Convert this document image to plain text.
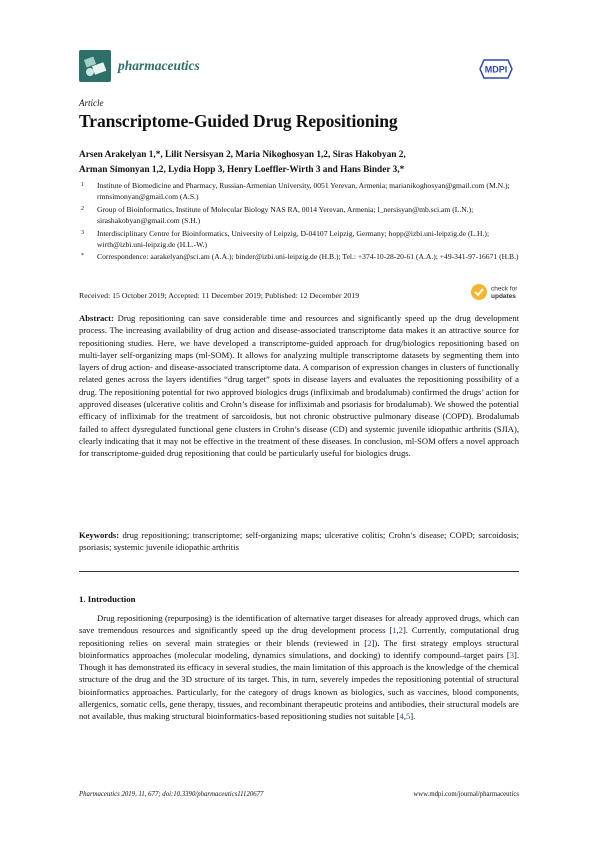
pharmaceutics	MDPI
Article
Transcriptome-Guided Drug Repositioning
Arsen Arakelyan 1,*, Lilit Nersisyan 2, Maria Nikoghosyan 1,2, Siras Hakobyan 2,
Arman Simonyan 1,2, Lydia Hopp 3, Henry Loeffler-Wirth 3 and Hans Binder 3,*
1 Institute of Biomedicine and Pharmacy, Russian-Armenian University, 0051 Yerevan, Armenia; marianikoghosyan@gmail.com (M.N.); rmnsimonyan@gmail.com (A.S.)
2 Group of Bioinformatics, Institute of Molecular Biology NAS RA, 0014 Yerevan, Armenia; l_nersisyan@mb.sci.am (L.N.); sirashakobyan@gmail.com (S.H.)
3 Interdisciplinary Centre for Bioinformatics, University of Leipzig, D-04107 Leipzig, Germany; hopp@izbi.uni-leipzig.de (L.H.); wirth@izbi.uni-leipzig.de (H.L.-W.)
* Correspondence: aarakelyan@sci.am (A.A.); binder@izbi.uni-leipzig.de (H.B.); Tel.: +374-10-28-20-61 (A.A.); +49-341-97-16671 (H.B.)
Received: 15 October 2019; Accepted: 11 December 2019; Published: 12 December 2019
check for
updates
Abstract: Drug repositioning can save considerable time and resources and significantly speed up the drug development process. The increasing availability of drug action and disease-associated transcriptome data makes it an attractive source for repositioning studies. Here, we have developed a transcriptome-guided approach for drug/biologics repositioning based on multi-layer self-organizing maps (ml-SOM). It allows for analyzing multiple transcriptome datasets by segmenting them into layers of drug action- and disease-associated transcriptome data. A comparison of expression changes in clusters of functionally related genes across the layers identifies “drug target” spots in disease layers and evaluates the repositioning possibility of a drug. The repositioning potential for two approved biologics drugs (infliximab and brodalumab) confirmed the drugs’ action for approved diseases (ulcerative colitis and Crohn’s disease for infliximab and psoriasis for brodalumab). We showed the potential efficacy of infliximab for the treatment of sarcoidosis, but not chronic obstructive pulmonary disease (COPD). Brodalumab failed to affect dysregulated functional gene clusters in Crohn’s disease (CD) and systemic juvenile idiopathic arthritis (SJIA), clearly indicating that it may not be effective in the treatment of these diseases. In conclusion, ml-SOM offers a novel approach for transcriptome-guided drug repositioning that could be particularly useful for biologics drugs.
Keywords: drug repositioning; transcriptome; self-organizing maps; ulcerative colitis; Crohn’s disease; COPD; sarcoidosis; psoriasis; systemic juvenile idiopathic arthritis
1. Introduction
Drug repositioning (repurposing) is the identification of alternative target diseases for already approved drugs, which can save tremendous resources and significantly speed up the drug development process [1,2]. Currently, computational drug repositioning relies on several main strategies or their blends (reviewed in [2]). The first strategy employs structural bioinformatics approaches (molecular modeling, dynamics simulations, and docking) to identify compound–target pairs [3]. Though it has demonstrated its efficacy in several studies, the main limitation of this approach is the knowledge of the chemical structure of the drug and the 3D structure of its target. This, in turn, severely impedes the repositioning potential of structural bioinformatics approaches. Particularly, for the category of drugs known as biologics, such as vaccines, blood components, allergenics, somatic cells, gene therapy, tissues, and recombinant therapeutic proteins and antibodies, their structural models are not available, thus making structural bioinformatics-based repositioning studies not suitable [4,5].
Pharmaceutics 2019, 11, 677; doi:10.3390/pharmaceutics11120677	www.mdpi.com/journal/pharmaceutics
